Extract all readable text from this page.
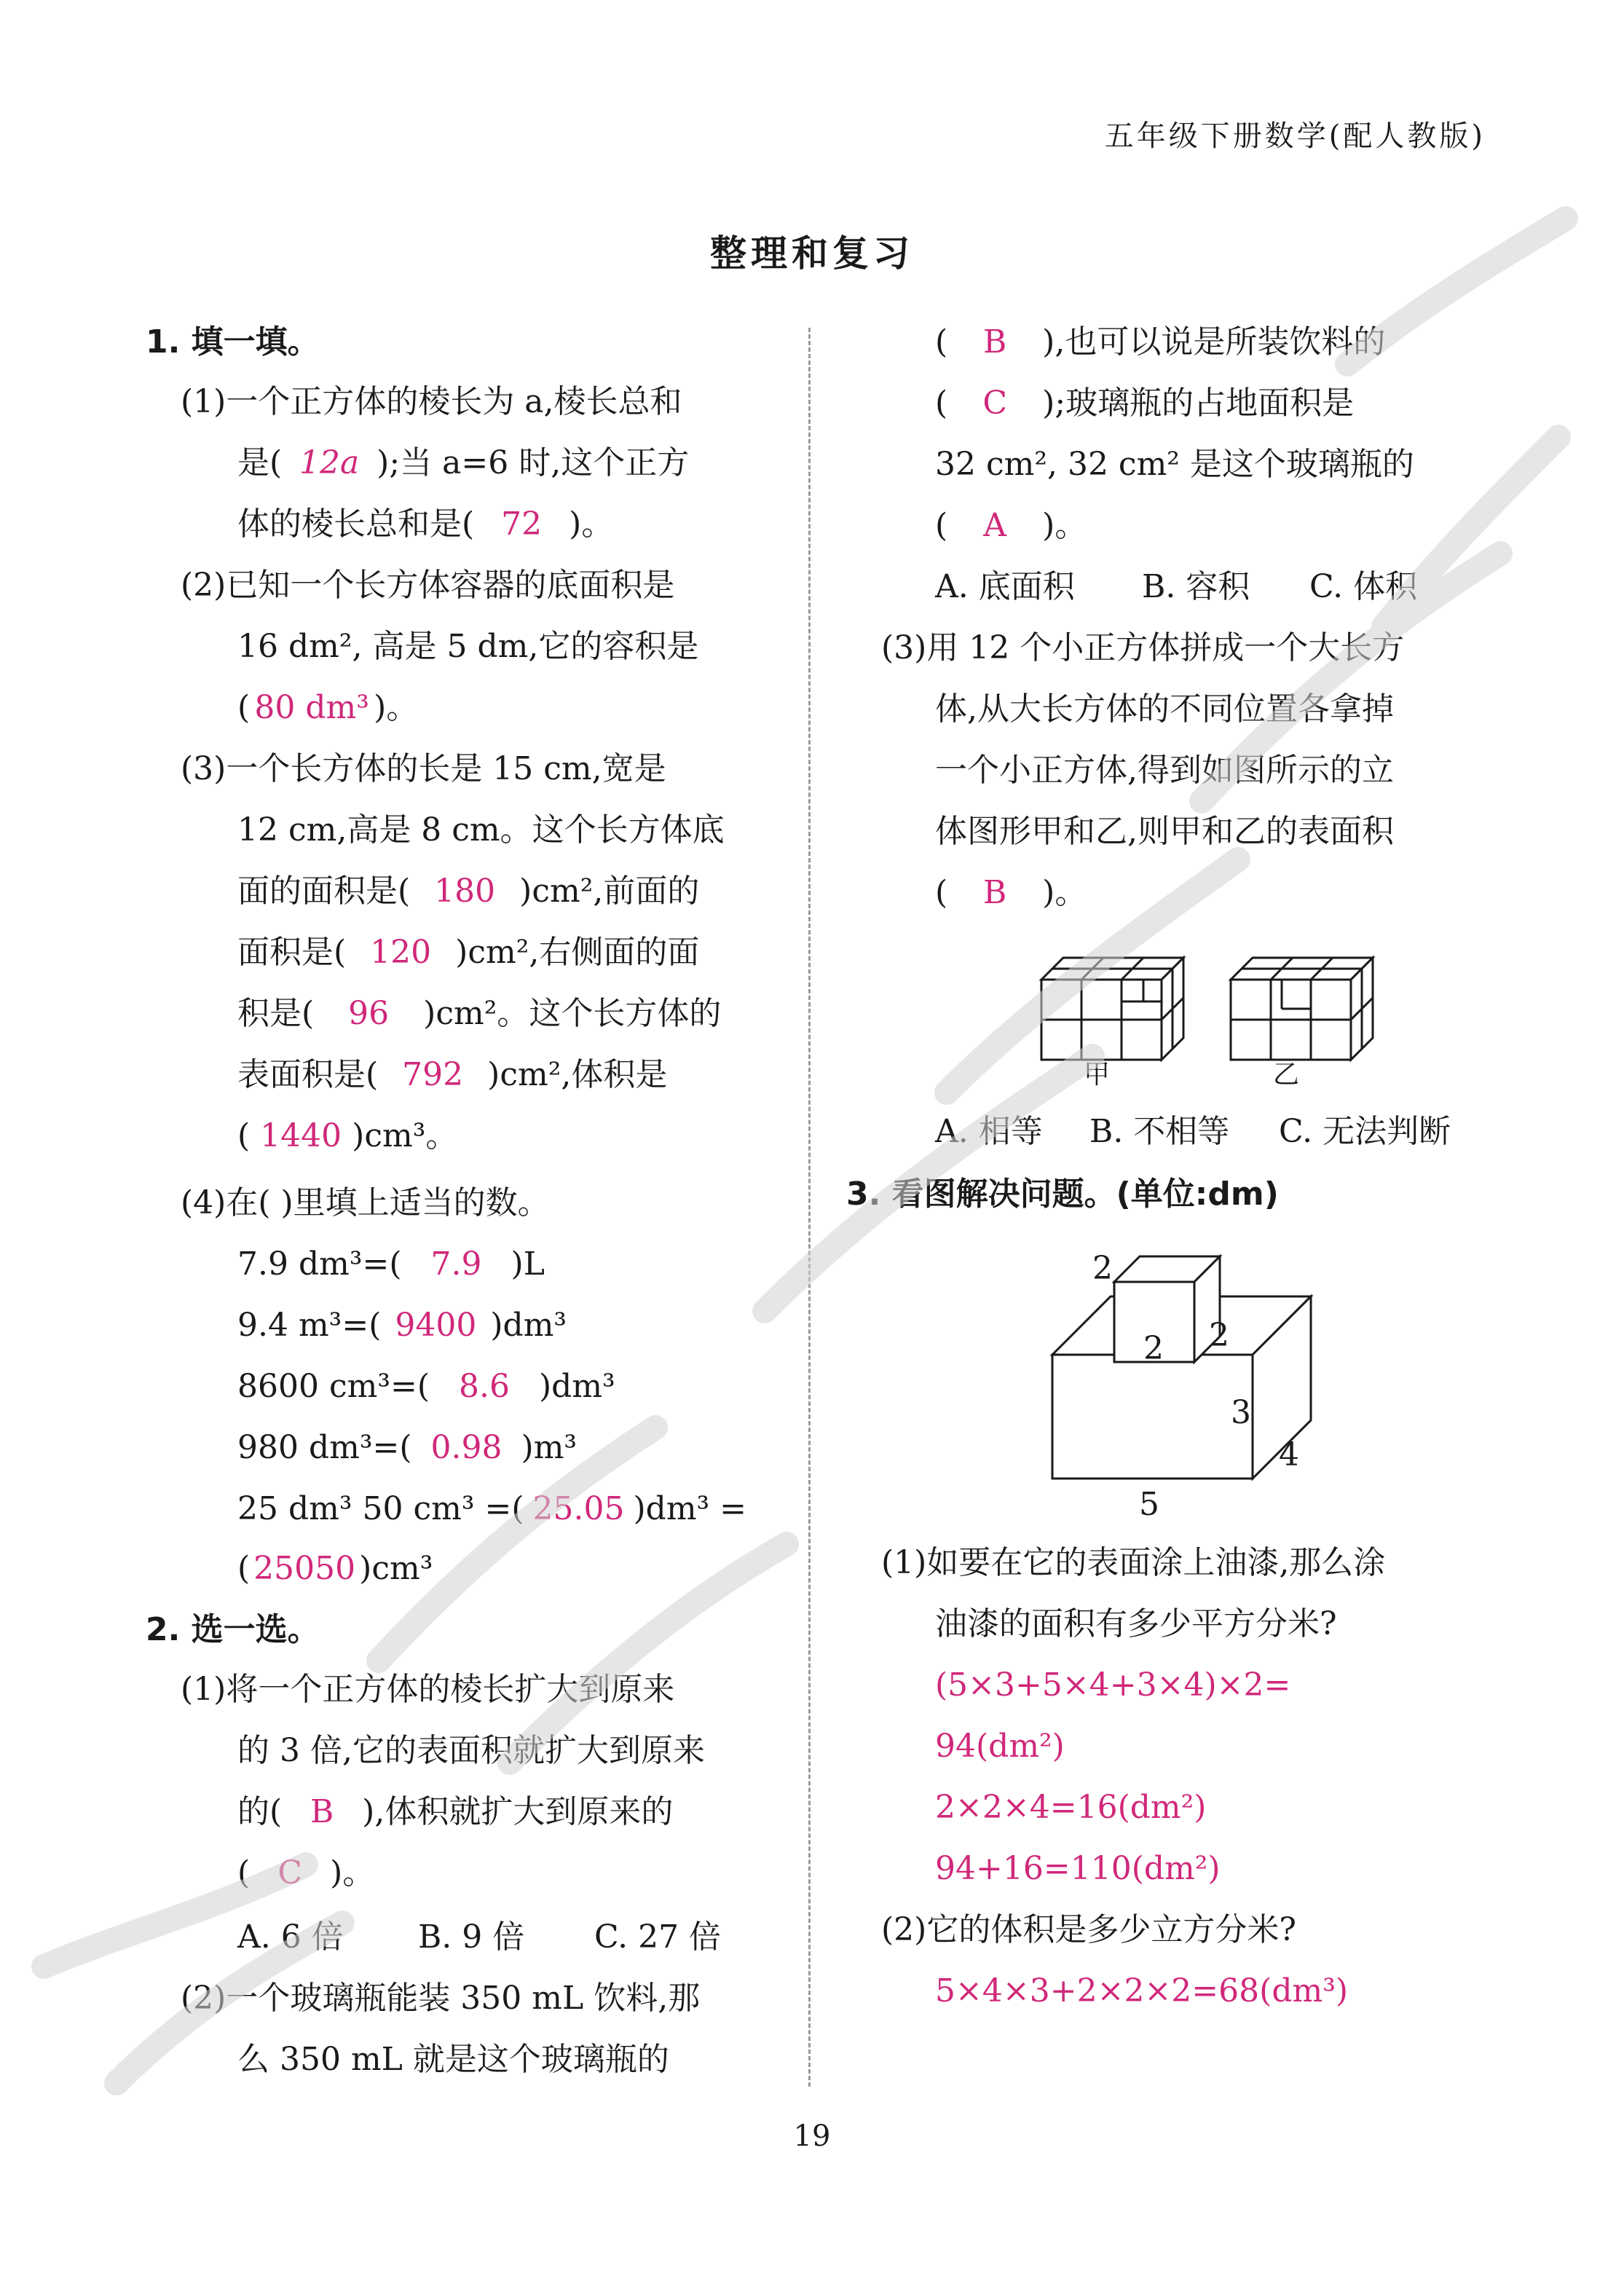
五年级下册数学(配人教版)
整理和复习
1. 填一填。
(1)一个正方体的棱长为 a,棱长总和
是( 12a );当 a=6 时,这个正方
体的棱长总和是( 72 )。
(2)已知一个长方体容器的底面积是
16 dm², 高是 5 dm,它的容积是
( 80 dm³ )。
(3)一个长方体的长是 15 cm,宽是
12 cm,高是 8 cm。这个长方体底
面的面积是( 180 )cm²,前面的
面积是( 120 )cm²,右侧面的面
积是( 96 )cm²。这个长方体的
表面积是( 792 )cm²,体积是
( 1440 )cm³。
(4)在( )里填上适当的数。
7.9 dm³=( 7.9 )L
9.4 m³=( 9400 )dm³
8600 cm³=( 8.6 )dm³
980 dm³=( 0.98 )m³
25 dm³ 50 cm³ =( 25.05 )dm³ =
( 25050 )cm³
2. 选一选。
(1)将一个正方体的棱长扩大到原来
的 3 倍,它的表面积就扩大到原来
的( B ),体积就扩大到原来的
( C )。
A. 6 倍 B. 9 倍 C. 27 倍
(2)一个玻璃瓶能装 350 mL 饮料,那
么 350 mL 就是这个玻璃瓶的
( B ),也可以说是所装饮料的
( C );玻璃瓶的占地面积是
32 cm², 32 cm² 是这个玻璃瓶的
( A )。
A. 底面积 B. 容积 C. 体积
(3)用 12 个小正方体拼成一个大长方
体,从大长方体的不同位置各拿掉
一个小正方体,得到如图所示的立
体图形甲和乙,则甲和乙的表面积
( B )。
甲	乙
A. 相等 B. 不相等 C. 无法判断
3. 看图解决问题。(单位:dm)
2
2 2
3
4
5
(1)如要在它的表面涂上油漆,那么涂
油漆的面积有多少平方分米?
(5×3+5×4+3×4)×2=
94(dm²)
2×2×4=16(dm²)
94+16=110(dm²)
(2)它的体积是多少立方分米?
5×4×3+2×2×2=68(dm³)
19
